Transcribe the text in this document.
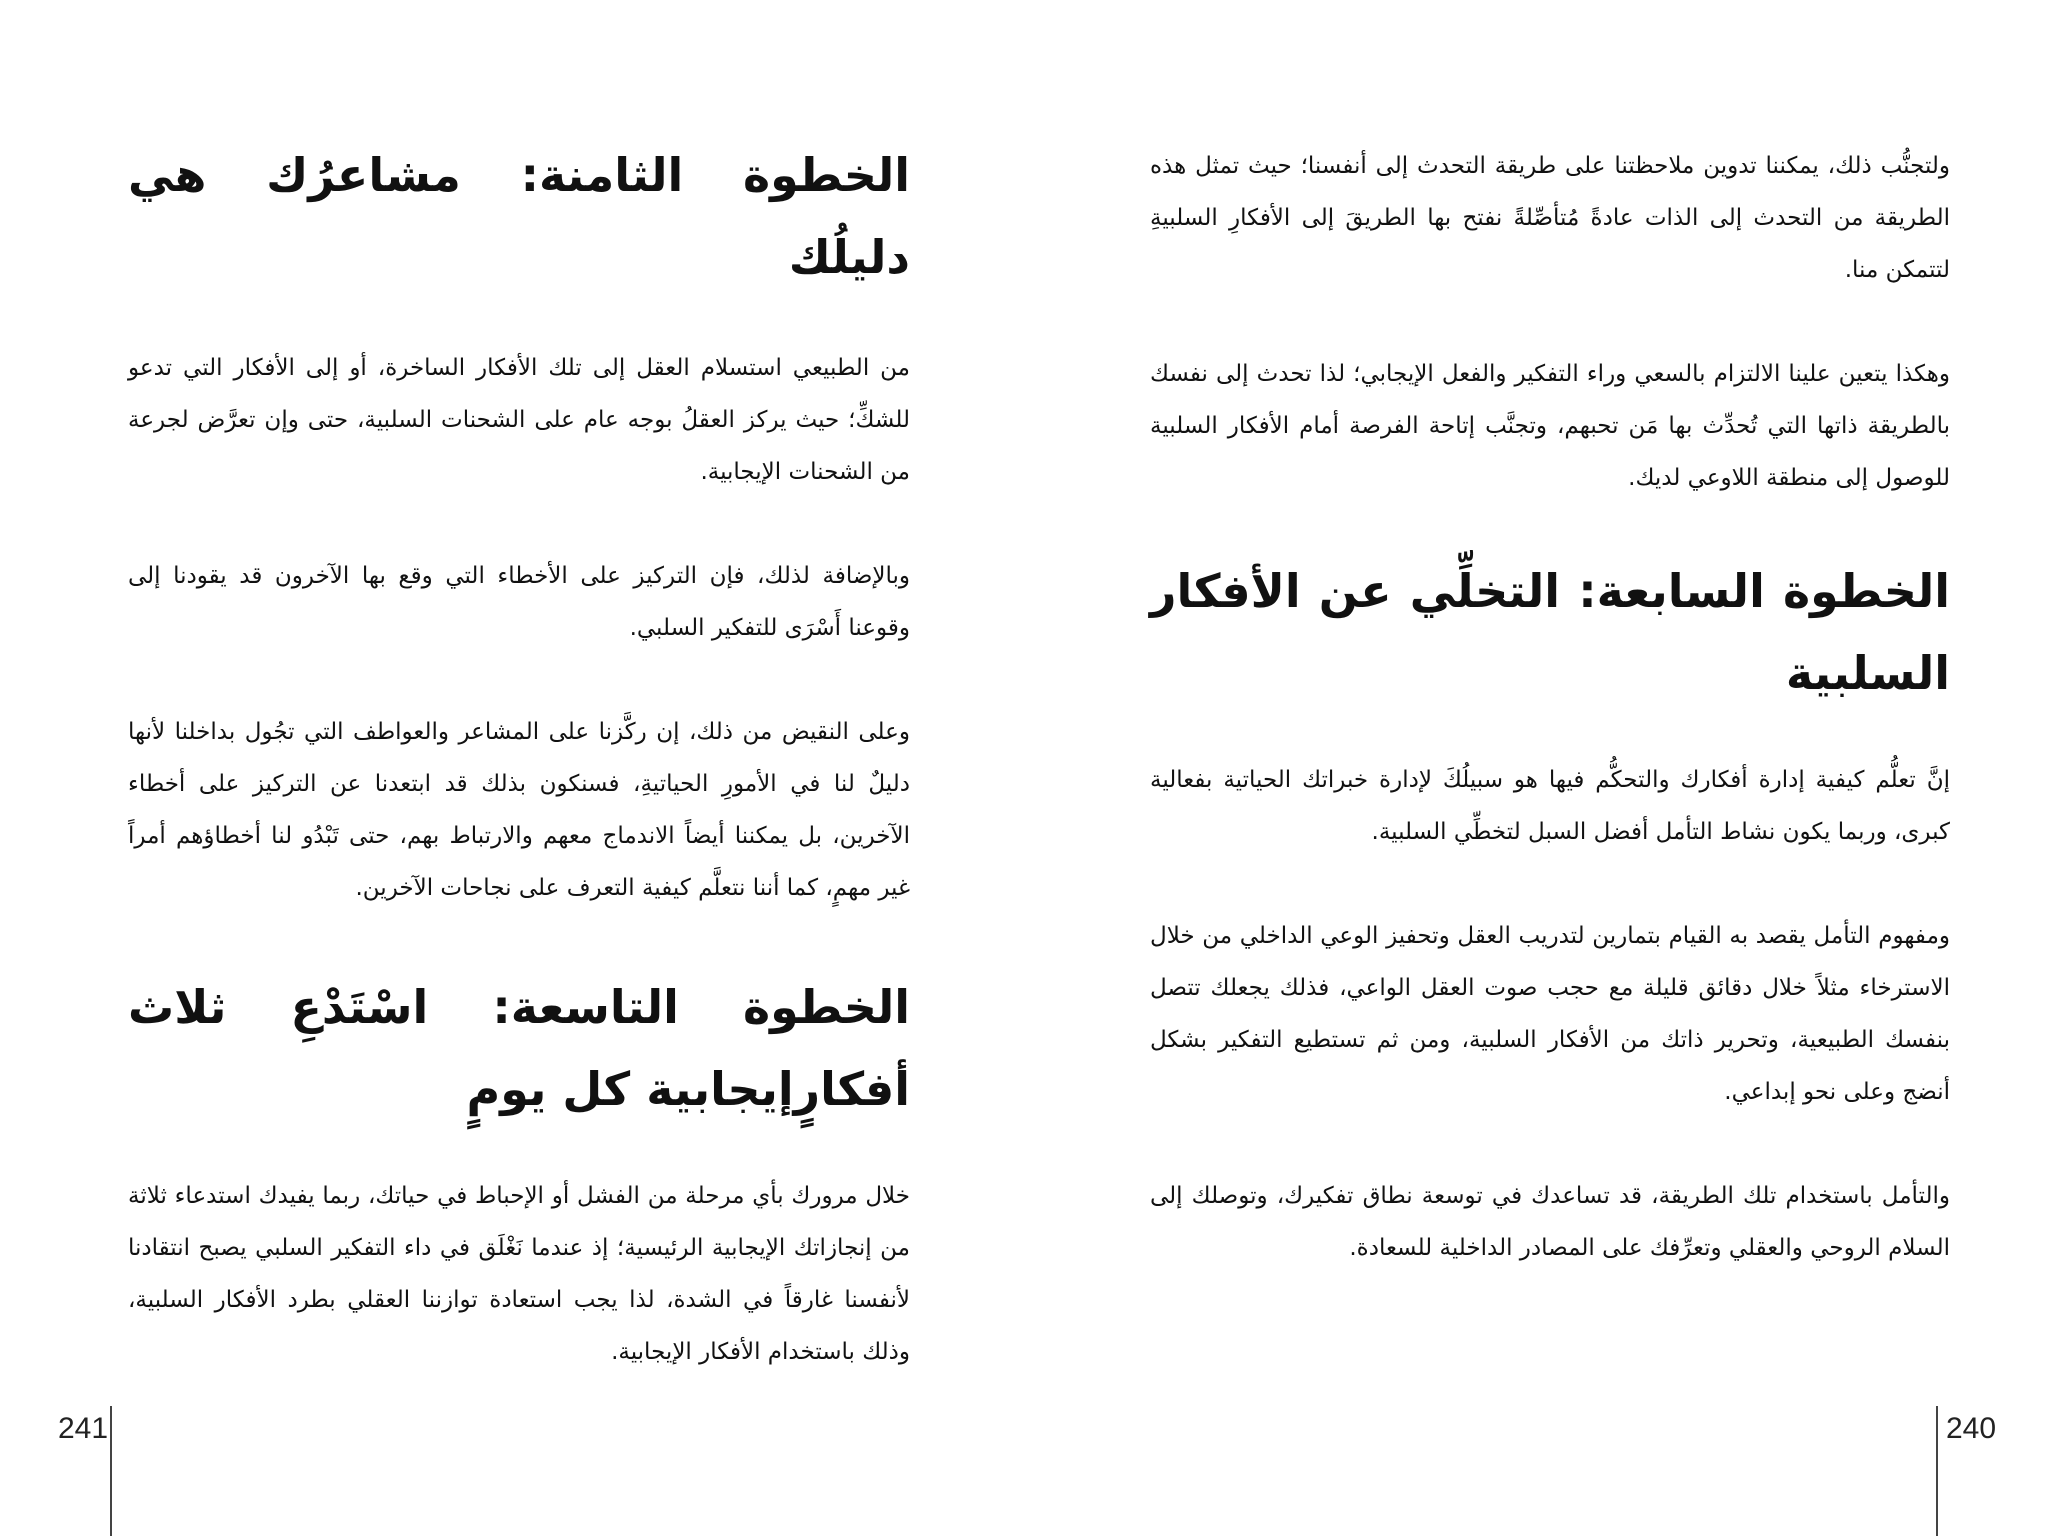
الخطوة الثامنة: مشاعرُك هي دليلُك

من الطبيعي استسلام العقل إلى تلك الأفكار الساخرة، أو إلى الأفكار التي تدعو للشكِّ؛ حيث يركز العقلُ بوجه عام على الشحنات السلبية، حتى وإن تعرَّض لجرعة من الشحنات الإيجابية.

وبالإضافة لذلك، فإن التركيز على الأخطاء التي وقع بها الآخرون قد يقودنا إلى وقوعنا أَسْرَى للتفكير السلبي.

وعلى النقيض من ذلك، إن ركَّزنا على المشاعر والعواطف التي تجُول بداخلنا لأنها دليلٌ لنا في الأمورِ الحياتيةِ، فسنكون بذلك قد ابتعدنا عن التركيز على أخطاء الآخرين، بل يمكننا أيضاً الاندماج معهم والارتباط بهم، حتى تَبْدُو لنا أخطاؤهم أمراً غير مهمٍ، كما أننا نتعلَّم كيفية التعرف على نجاحات الآخرين.

الخطوة التاسعة: اسْتَدْعِ ثلاث أفكارٍإيجابية كل يومٍ

خلال مرورك بأي مرحلة من الفشل أو الإحباط في حياتك، ربما يفيدك استدعاء ثلاثة من إنجازاتك الإيجابية الرئيسية؛ إذ عندما نَغْلَق في داء التفكير السلبي يصبح انتقادنا لأنفسنا غارقاً في الشدة، لذا يجب استعادة توازننا العقلي بطرد الأفكار السلبية، وذلك باستخدام الأفكار الإيجابية.

241

ولتجنُّب ذلك، يمكننا تدوين ملاحظتنا على طريقة التحدث إلى أنفسنا؛ حيث تمثل هذه الطريقة من التحدث إلى الذات عادةً مُتأصِّلةً نفتح بها الطريقَ إلى الأفكارِ السلبيةِ لتتمكن منا.

وهكذا يتعين علينا الالتزام بالسعي وراء التفكير والفعل الإيجابي؛ لذا تحدث إلى نفسك بالطريقة ذاتها التي تُحدِّث بها مَن تحبهم، وتجنَّب إتاحة الفرصة أمام الأفكار السلبية للوصول إلى منطقة اللاوعي لديك.

الخطوة السابعة: التخلِّي عن الأفكار السلبية

إنَّ تعلُّم كيفية إدارة أفكارك والتحكُّم فيها هو سبيلُكَ لإدارة خبراتك الحياتية بفعالية كبرى، وربما يكون نشاط التأمل أفضل السبل لتخطِّي السلبية.

ومفهوم التأمل يقصد به القيام بتمارين لتدريب العقل وتحفيز الوعي الداخلي من خلال الاسترخاء مثلاً خلال دقائق قليلة مع حجب صوت العقل الواعي، فذلك يجعلك تتصل بنفسك الطبيعية، وتحرير ذاتك من الأفكار السلبية، ومن ثم تستطيع التفكير بشكل أنضج وعلى نحو إبداعي.

والتأمل باستخدام تلك الطريقة، قد تساعدك في توسعة نطاق تفكيرك، وتوصلك إلى السلام الروحي والعقلي وتعرِّفك على المصادر الداخلية للسعادة.

240
